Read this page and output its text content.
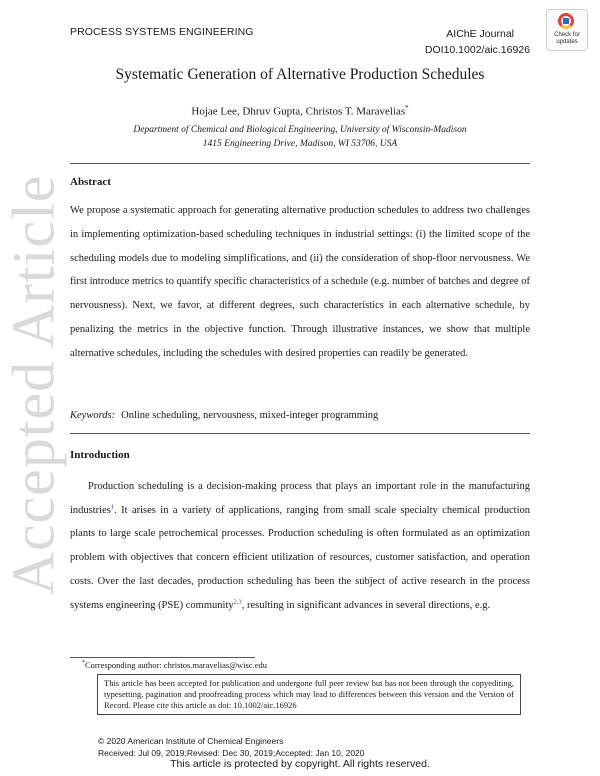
Accepted Article
PROCESS SYSTEMS ENGINEERING	AIChE Journal
DOI10.1002/aic.16926
Check for
updates
Systematic Generation of Alternative Production Schedules
Hojae Lee, Dhruv Gupta, Christos T. Maravelias*
Department of Chemical and Biological Engineering, University of Wisconsin-Madison
1415 Engineering Drive, Madison, WI 53706, USA
Abstract
We propose a systematic approach for generating alternative production schedules to address two challenges in implementing optimization-based scheduling techniques in industrial settings: (i) the limited scope of the scheduling models due to modeling simplifications, and (ii) the consideration of shop-floor nervousness. We first introduce metrics to quantify specific characteristics of a schedule (e.g. number of batches and degree of nervousness). Next, we favor, at different degrees, such characteristics in each alternative schedule, by penalizing the metrics in the objective function. Through illustrative instances, we show that multiple alternative schedules, including the schedules with desired properties can readily be generated.
Keywords: Online scheduling, nervousness, mixed-integer programming
Introduction
Production scheduling is a decision-making process that plays an important role in the manufacturing industries$^1$. It arises in a variety of applications, ranging from small scale specialty chemical production plants to large scale petrochemical processes. Production scheduling is often formulated as an optimization problem with objectives that concern efficient utilization of resources, customer satisfaction, and operation costs. Over the last decades, production scheduling has been the subject of active research in the process systems engineering (PSE) community$^{2,3}$, resulting in significant advances in several directions, e.g.
*Corresponding author: christos.maravelias@wisc.edu
This article has been accepted for publication and undergone full peer review but has not been through the copyediting, typesetting, pagination and proofreading process which may lead to differences between this version and the Version of Record. Please cite this article as doi: 10.1002/aic.16926
© 2020 American Institute of Chemical Engineers
Received: Jul 09, 2019;Revised: Dec 30, 2019;Accepted: Jan 10, 2020
This article is protected by copyright. All rights reserved.
